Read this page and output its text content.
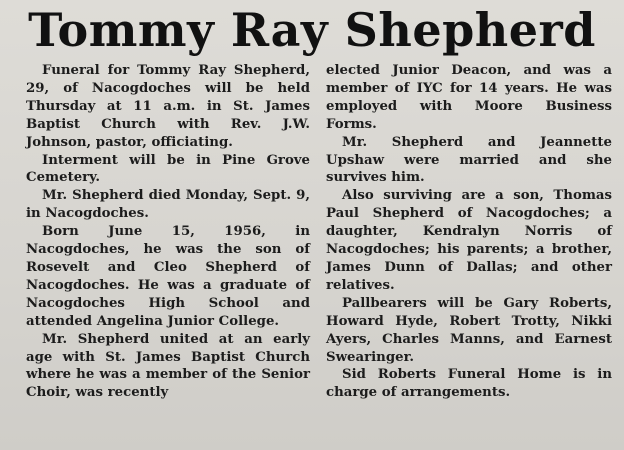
Tommy Ray Shepherd

Funeral for Tommy Ray Shepherd, 29, of Nacogdoches will be held Thursday at 11 a.m. in St. James Baptist Church with Rev. J.W. Johnson, pastor, officiating.

Interment will be in Pine Grove Cemetery.

Mr. Shepherd died Monday, Sept. 9, in Nacogdoches.

Born June 15, 1956, in Nacogdoches, he was the son of Rosevelt and Cleo Shepherd of Nacogdoches. He was a graduate of Nacogdoches High School and attended Angelina Junior College.

Mr. Shepherd united at an early age with St. James Baptist Church where he was a member of the Senior Choir, was recently

elected Junior Deacon, and was a member of IYC for 14 years. He was employed with Moore Business Forms.

Mr. Shepherd and Jeannette Upshaw were married and she survives him.

Also surviving are a son, Thomas Paul Shepherd of Nacogdoches; a daughter, Kendralyn Norris of Nacogdoches; his parents; a brother, James Dunn of Dallas; and other relatives.

Pallbearers will be Gary Roberts, Howard Hyde, Robert Trotty, Nikki Ayers, Charles Manns, and Earnest Swearinger.

Sid Roberts Funeral Home is in charge of arrangements.
